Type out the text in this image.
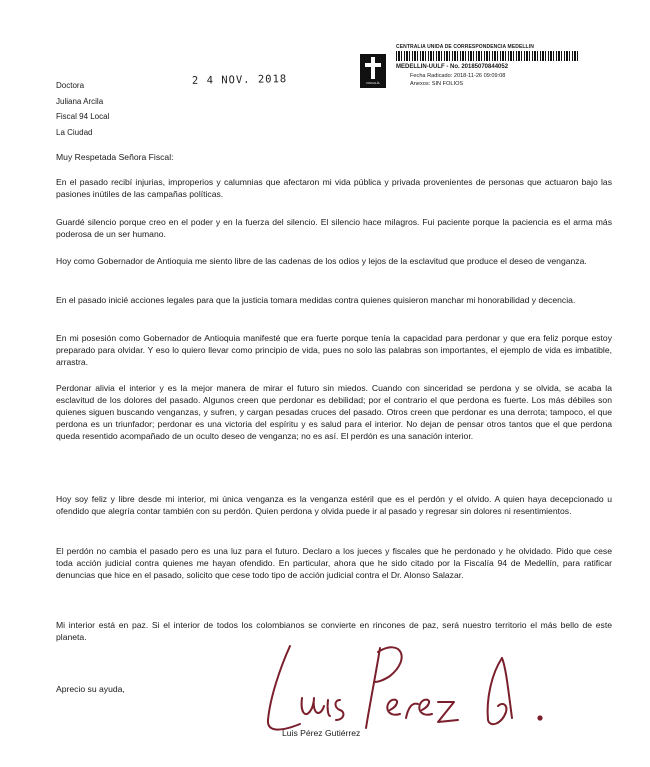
Doctora
Juliana Arcila
Fiscal 94 Local
La Ciudad
2 4 NOV. 2018	FISCALÍA
CENTRALIA UNIDA DE CORRESPONDENCIA MEDELLIN
MEDELLIN-UULF - No. 20185070844052
Fecha Radicado: 2018-11-26 09:09:08
Anexos: SIN FOLIOS
Muy Respetada Señora Fiscal:

En el pasado recibí injurias, improperios y calumnias que afectaron mi vida pública y privada provenientes de personas que actuaron bajo las pasiones inútiles de las campañas políticas.

Guardé silencio porque creo en el poder y en la fuerza del silencio. El silencio hace milagros. Fui paciente porque la paciencia es el arma más poderosa de un ser humano.

Hoy como Gobernador de Antioquia me siento libre de las cadenas de los odios y lejos de la esclavitud que produce el deseo de venganza.

En el pasado inicié acciones legales para que la justicia tomara medidas contra quienes quisieron manchar mi honorabilidad y decencia.

En mi posesión como Gobernador de Antioquia manifesté que era fuerte porque tenía la capacidad para perdonar y que era feliz porque estoy preparado para olvidar. Y eso lo quiero llevar como principio de vida, pues no solo las palabras son importantes, el ejemplo de vida es imbatible, arrastra.

Perdonar alivia el interior y es la mejor manera de mirar el futuro sin miedos. Cuando con sinceridad se perdona y se olvida, se acaba la esclavitud de los dolores del pasado. Algunos creen que perdonar es debilidad; por el contrario el que perdona es fuerte. Los más débiles son quienes siguen buscando venganzas, y sufren, y cargan pesadas cruces del pasado. Otros creen que perdonar es una derrota; tampoco, el que perdona es un triunfador; perdonar es una victoria del espíritu y es salud para el interior. No dejan de pensar otros tantos que el que perdona queda resentido acompañado de un oculto deseo de venganza; no es así. El perdón es una sanación interior.

Hoy soy feliz y libre desde mi interior, mi única venganza es la venganza estéril que es el perdón y el olvido. A quien haya decepcionado u ofendido que alegría contar también con su perdón. Quien perdona y olvida puede ir al pasado y regresar sin dolores ni resentimientos.

El perdón no cambia el pasado pero es una luz para el futuro. Declaro a los jueces y fiscales que he perdonado y he olvidado. Pido que cese toda acción judicial contra quienes me hayan ofendido. En particular, ahora que he sido citado por la Fiscalía 94 de Medellín, para ratificar denuncias que hice en el pasado, solicito que cese todo tipo de acción judicial contra el Dr. Alonso Salazar.

Mi interior está en paz. Si el interior de todos los colombianos se convierte en rincones de paz, será nuestro territorio el más bello de este planeta.

Aprecio su ayuda,
Luis Pérez Gutiérrez
